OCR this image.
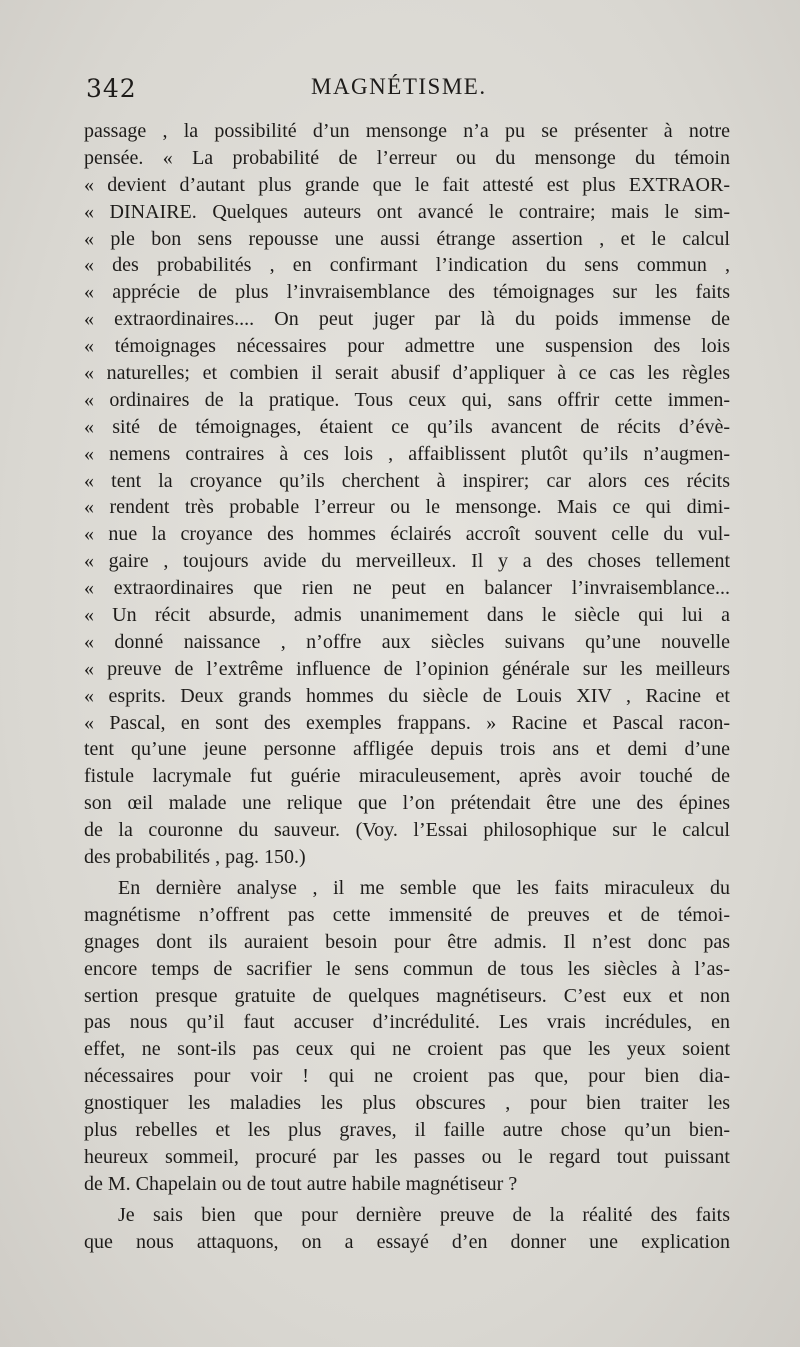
342	MAGNÉTISME.
passage , la possibilité d’un mensonge n’a pu se présenter à notre
pensée. « La probabilité de l’erreur ou du mensonge du témoin
« devient d’autant plus grande que le fait attesté est plus EXTRAOR-
« DINAIRE. Quelques auteurs ont avancé le contraire; mais le sim-
« ple bon sens repousse une aussi étrange assertion , et le calcul
« des probabilités , en confirmant l’indication du sens commun ,
« apprécie de plus l’invraisemblance des témoignages sur les faits
« extraordinaires.... On peut juger par là du poids immense de
« témoignages nécessaires pour admettre une suspension des lois
« naturelles; et combien il serait abusif d’appliquer à ce cas les règles
« ordinaires de la pratique. Tous ceux qui, sans offrir cette immen-
« sité de témoignages, étaient ce qu’ils avancent de récits d’évè-
« nemens contraires à ces lois , affaiblissent plutôt qu’ils n’augmen-
« tent la croyance qu’ils cherchent à inspirer; car alors ces récits
« rendent très probable l’erreur ou le mensonge. Mais ce qui dimi-
« nue la croyance des hommes éclairés accroît souvent celle du vul-
« gaire , toujours avide du merveilleux. Il y a des choses tellement
« extraordinaires que rien ne peut en balancer l’invraisemblance...
« Un récit absurde, admis unanimement dans le siècle qui lui a
« donné naissance , n’offre aux siècles suivans qu’une nouvelle
« preuve de l’extrême influence de l’opinion générale sur les meilleurs
« esprits. Deux grands hommes du siècle de Louis XIV , Racine et
« Pascal, en sont des exemples frappans. » Racine et Pascal racon-
tent qu’une jeune personne affligée depuis trois ans et demi d’une
fistule lacrymale fut guérie miraculeusement, après avoir touché de
son œil malade une relique que l’on prétendait être une des épines
de la couronne du sauveur. (Voy. l’Essai philosophique sur le calcul
des probabilités , pag. 150.)
En dernière analyse , il me semble que les faits miraculeux du
magnétisme n’offrent pas cette immensité de preuves et de témoi-
gnages dont ils auraient besoin pour être admis. Il n’est donc pas
encore temps de sacrifier le sens commun de tous les siècles à l’as-
sertion presque gratuite de quelques magnétiseurs. C’est eux et non
pas nous qu’il faut accuser d’incrédulité. Les vrais incrédules, en
effet, ne sont-ils pas ceux qui ne croient pas que les yeux soient
nécessaires pour voir ! qui ne croient pas que, pour bien dia-
gnostiquer les maladies les plus obscures , pour bien traiter les
plus rebelles et les plus graves, il faille autre chose qu’un bien-
heureux sommeil, procuré par les passes ou le regard tout puissant
de M. Chapelain ou de tout autre habile magnétiseur ?
Je sais bien que pour dernière preuve de la réalité des faits
que nous attaquons, on a essayé d’en donner une explication
